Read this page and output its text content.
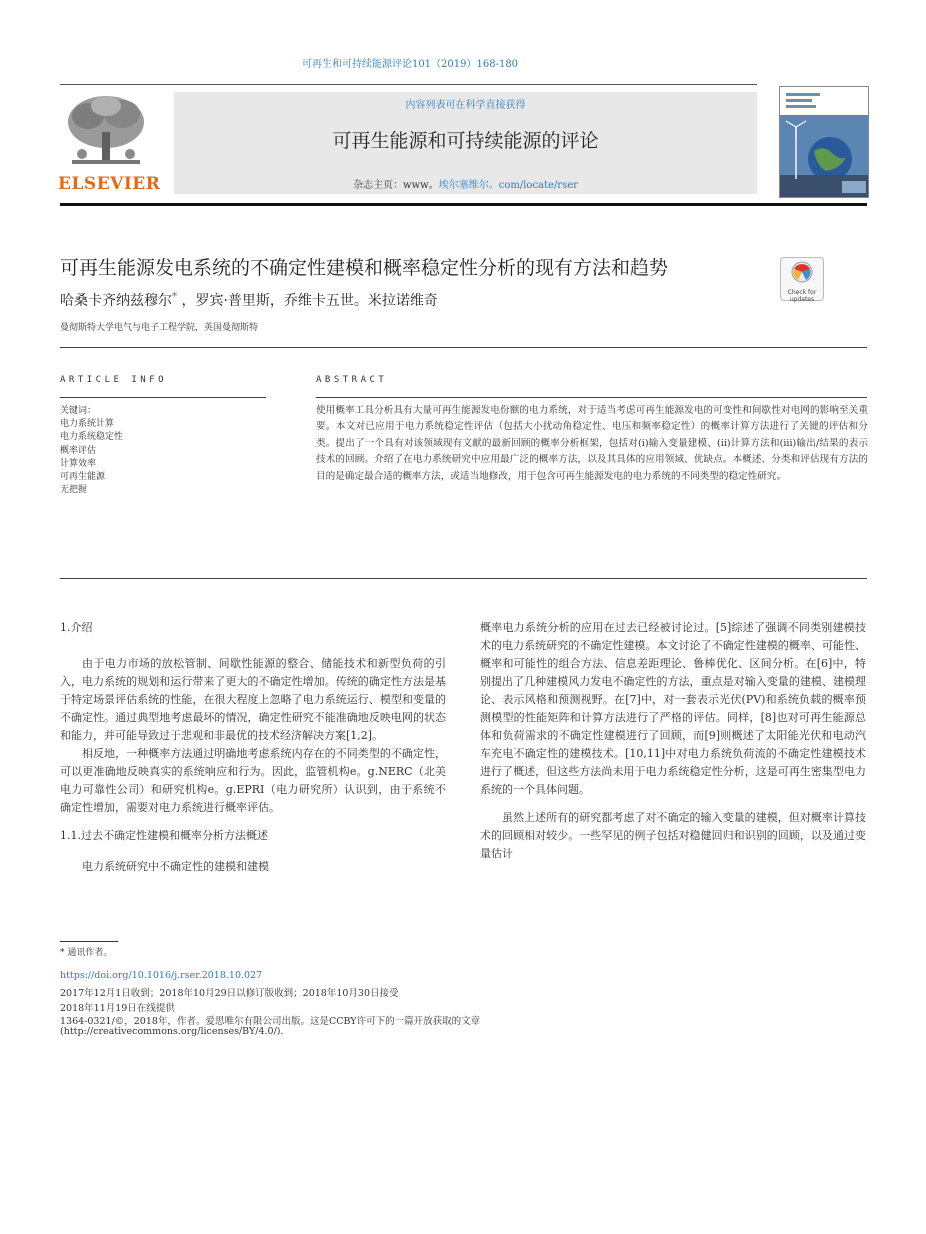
可再生和可持续能源评论101（2019）168-180
ELSEVIER
内容列表可在科学直接获得
可再生能源和可持续能源的评论
杂志主页：www。埃尔塞维尔。com/locate/rser
可再生能源发电系统的不确定性建模和概率稳定性分析的现有方法和趋势
Check for updates
哈桑卡齐纳兹穆尔* ，罗宾·普里斯，乔维卡五世。米拉诺维奇
曼彻斯特大学电气与电子工程学院，英国曼彻斯特
ARTICLE INFO
关键词：
电力系统计算
电力系统稳定性
概率评估
计算效率
可再生能源
无把握
ABSTRACT
使用概率工具分析具有大量可再生能源发电份额的电力系统，对于适当考虑可再生能源发电的可变性和间歇性对电网的影响至关重要。本文对已应用于电力系统稳定性评估（包括大小扰动角稳定性、电压和频率稳定性）的概率计算方法进行了关键的评估和分类。提出了一个具有对该领域现有文献的最新回顾的概率分析框架，包括对(i)输入变量建模、(ii)计算方法和(iii)输出/结果的表示技术的回顾。介绍了在电力系统研究中应用最广泛的概率方法，以及其具体的应用领域、优缺点。本概述、分类和评估现有方法的目的是确定最合适的概率方法，或适当地修改，用于包含可再生能源发电的电力系统的不同类型的稳定性研究。

1.介绍

由于电力市场的放松管制、间歇性能源的整合、储能技术和新型负荷的引入，电力系统的规划和运行带来了更大的不确定性增加。传统的确定性方法是基于特定场景评估系统的性能，在很大程度上忽略了电力系统运行、模型和变量的不确定性。通过典型地考虑最坏的情况，确定性研究不能准确地反映电网的状态和能力，并可能导致过于悲观和非最优的技术经济解决方案[1,2]。

相反地，一种概率方法通过明确地考虑系统内存在的不同类型的不确定性，可以更准确地反映真实的系统响应和行为。因此，监管机构e。g.NERC（北美电力可靠性公司）和研究机构e。g.EPRI（电力研究所）认识到，由于系统不确定性增加，需要对电力系统进行概率评估。

1.1.过去不确定性建模和概率分析方法概述

电力系统研究中不确定性的建模和建模

概率电力系统分析的应用在过去已经被讨论过。[5]综述了强调不同类别建模技术的电力系统研究的不确定性建模。本文讨论了不确定性建模的概率、可能性、概率和可能性的组合方法、信息差距理论、鲁棒优化、区间分析。在[6]中，特别提出了几种建模风力发电不确定性的方法，重点是对输入变量的建模、建模理论、表示风格和预测视野。在[7]中，对一套表示光伏(PV)和系统负载的概率预测模型的性能矩阵和计算方法进行了严格的评估。同样，[8]也对可再生能源总体和负荷需求的不确定性建模进行了回顾，而[9]则概述了太阳能光伏和电动汽车充电不确定性的建模技术。[10,11]中对电力系统负荷流的不确定性建模技术进行了概述，但这些方法尚未用于电力系统稳定性分析，这是可再生密集型电力系统的一个具体问题。

虽然上述所有的研究都考虑了对不确定的输入变量的建模，但对概率计算技术的回顾相对较少。一些罕见的例子包括对稳健回归和识别的回顾，以及通过变量估计

* 通讯作者。
https://doi.org/10.1016/j.rser.2018.10.027
2017年12月1日收到；2018年10月29日以修订版收到；2018年10月30日接受
2018年11月19日在线提供
1364-0321/©，2018年，作者。爱思唯尔有限公司出版。这是CCBY许可下的一篇开放获取的文章
(http://creativecommons.org/licenses/BY/4.0/).
